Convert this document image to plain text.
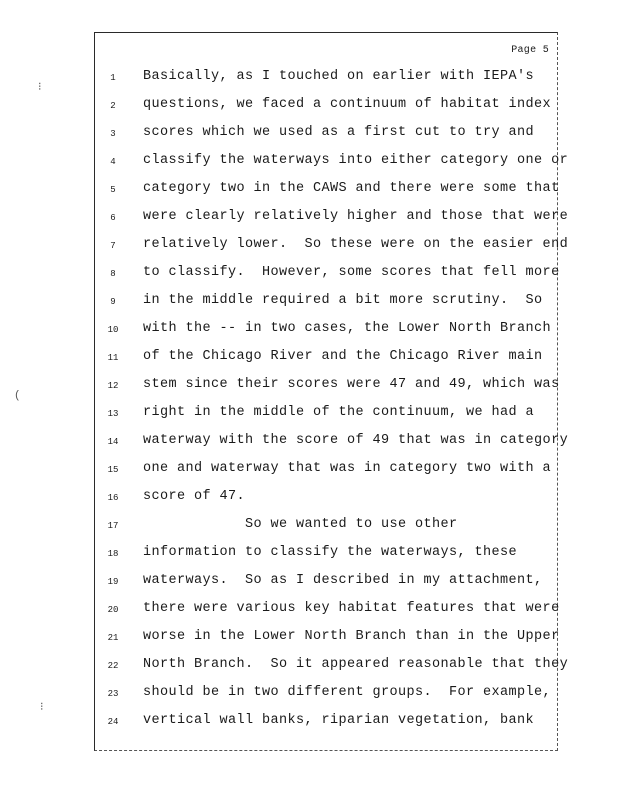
⁝
(
⁝
Page 5
1	Basically, as I touched on earlier with IEPA's
2	questions, we faced a continuum of habitat index
3	scores which we used as a first cut to try and
4	classify the waterways into either category one or
5	category two in the CAWS and there were some that
6	were clearly relatively higher and those that were
7	relatively lower.  So these were on the easier end
8	to classify.  However, some scores that fell more
9	in the middle required a bit more scrutiny.  So
10	with the -- in two cases, the Lower North Branch
11	of the Chicago River and the Chicago River main
12	stem since their scores were 47 and 49, which was
13	right in the middle of the continuum, we had a
14	waterway with the score of 49 that was in category
15	one and waterway that was in category two with a
16	score of 47.
17	So we wanted to use other
18	information to classify the waterways, these
19	waterways.  So as I described in my attachment,
20	there were various key habitat features that were
21	worse in the Lower North Branch than in the Upper
22	North Branch.  So it appeared reasonable that they
23	should be in two different groups.  For example,
24	vertical wall banks, riparian vegetation, bank
